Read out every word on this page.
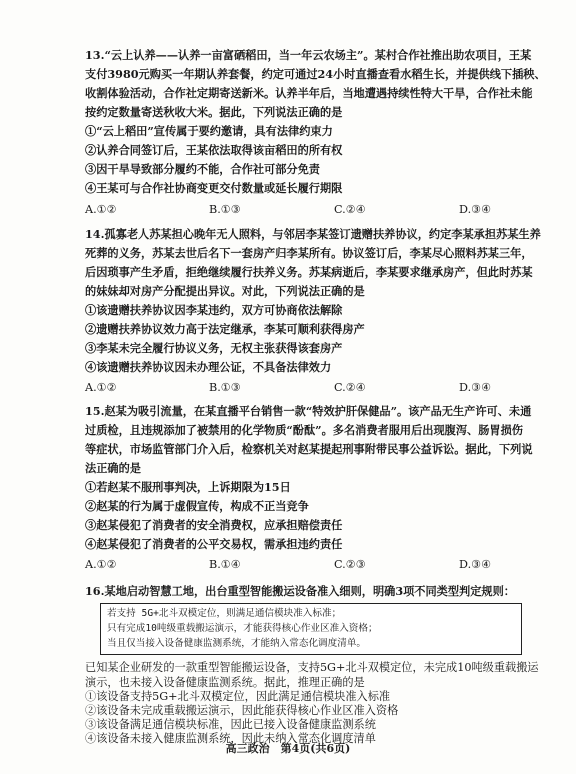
13.“云上认养——认养一亩富硒稻田，当一年云农场主”。某村合作社推出助农项目，王某
支付3980元购买一年期认养套餐，约定可通过24小时直播查看水稻生长，并提供线下插秧、
收割体验活动，合作社定期寄送新米。认养半年后，当地遭遇持续性特大干旱，合作社未能
按约定数量寄送秋收大米。据此，下列说法正确的是
①“云上稻田”宣传属于要约邀请，具有法律约束力
②认养合同签订后，王某依法取得该亩稻田的所有权
③因干旱导致部分履约不能，合作社可部分免责
④王某可与合作社协商变更交付数量或延长履行期限
A.①②	B.①③	C.②④	D.③④
14.孤寡老人苏某担心晚年无人照料，与邻居李某签订遗赠扶养协议，约定李某承担苏某生养
死葬的义务，苏某去世后名下一套房产归李某所有。协议签订后，李某尽心照料苏某三年，
后因琐事产生矛盾，拒绝继续履行扶养义务。苏某病逝后，李某要求继承房产，但此时苏某
的妹妹却对房产分配提出异议。对此，下列说法正确的是
①该遗赠扶养协议因李某违约，双方可协商依法解除
②遗赠扶养协议效力高于法定继承，李某可顺利获得房产
③李某未完全履行协议义务，无权主张获得该套房产
④该遗赠扶养协议因未办理公证，不具备法律效力
A.①②	B.①③	C.②④	D.③④
15.赵某为吸引流量，在某直播平台销售一款“特效护肝保健品”。该产品无生产许可、未通
过质检，且违规添加了被禁用的化学物质“酚酞”。多名消费者服用后出现腹泻、肠胃损伤
等症状，市场监管部门介入后，检察机关对赵某提起刑事附带民事公益诉讼。据此，下列说
法正确的是
①若赵某不服刑事判决，上诉期限为15日
②赵某的行为属于虚假宣传，构成不正当竞争
③赵某侵犯了消费者的安全消费权，应承担赔偿责任
④赵某侵犯了消费者的公平交易权，需承担违约责任
A.①②	B.①④	C.②③	D.③④
16.某地启动智慧工地，出台重型智能搬运设备准入细则，明确3项不同类型判定规则：
若支持 5G+北斗双模定位，则满足通信模块准入标准；
只有完成10吨级重载搬运演示，才能获得核心作业区准入资格；
当且仅当接入设备健康监测系统，才能纳入常态化调度清单。
已知某企业研发的一款重型智能搬运设备，支持5G+北斗双模定位，未完成10吨级重载搬运
演示，也未接入设备健康监测系统。据此，推理正确的是
①该设备支持5G+北斗双模定位，因此满足通信模块准入标准
②该设备未完成重载搬运演示，因此能获得核心作业区准入资格
③该设备满足通信模块标准，因此已接入设备健康监测系统
④该设备未接入健康监测系统，因此未纳入常态化调度清单
高三政治　第4页(共6页)
